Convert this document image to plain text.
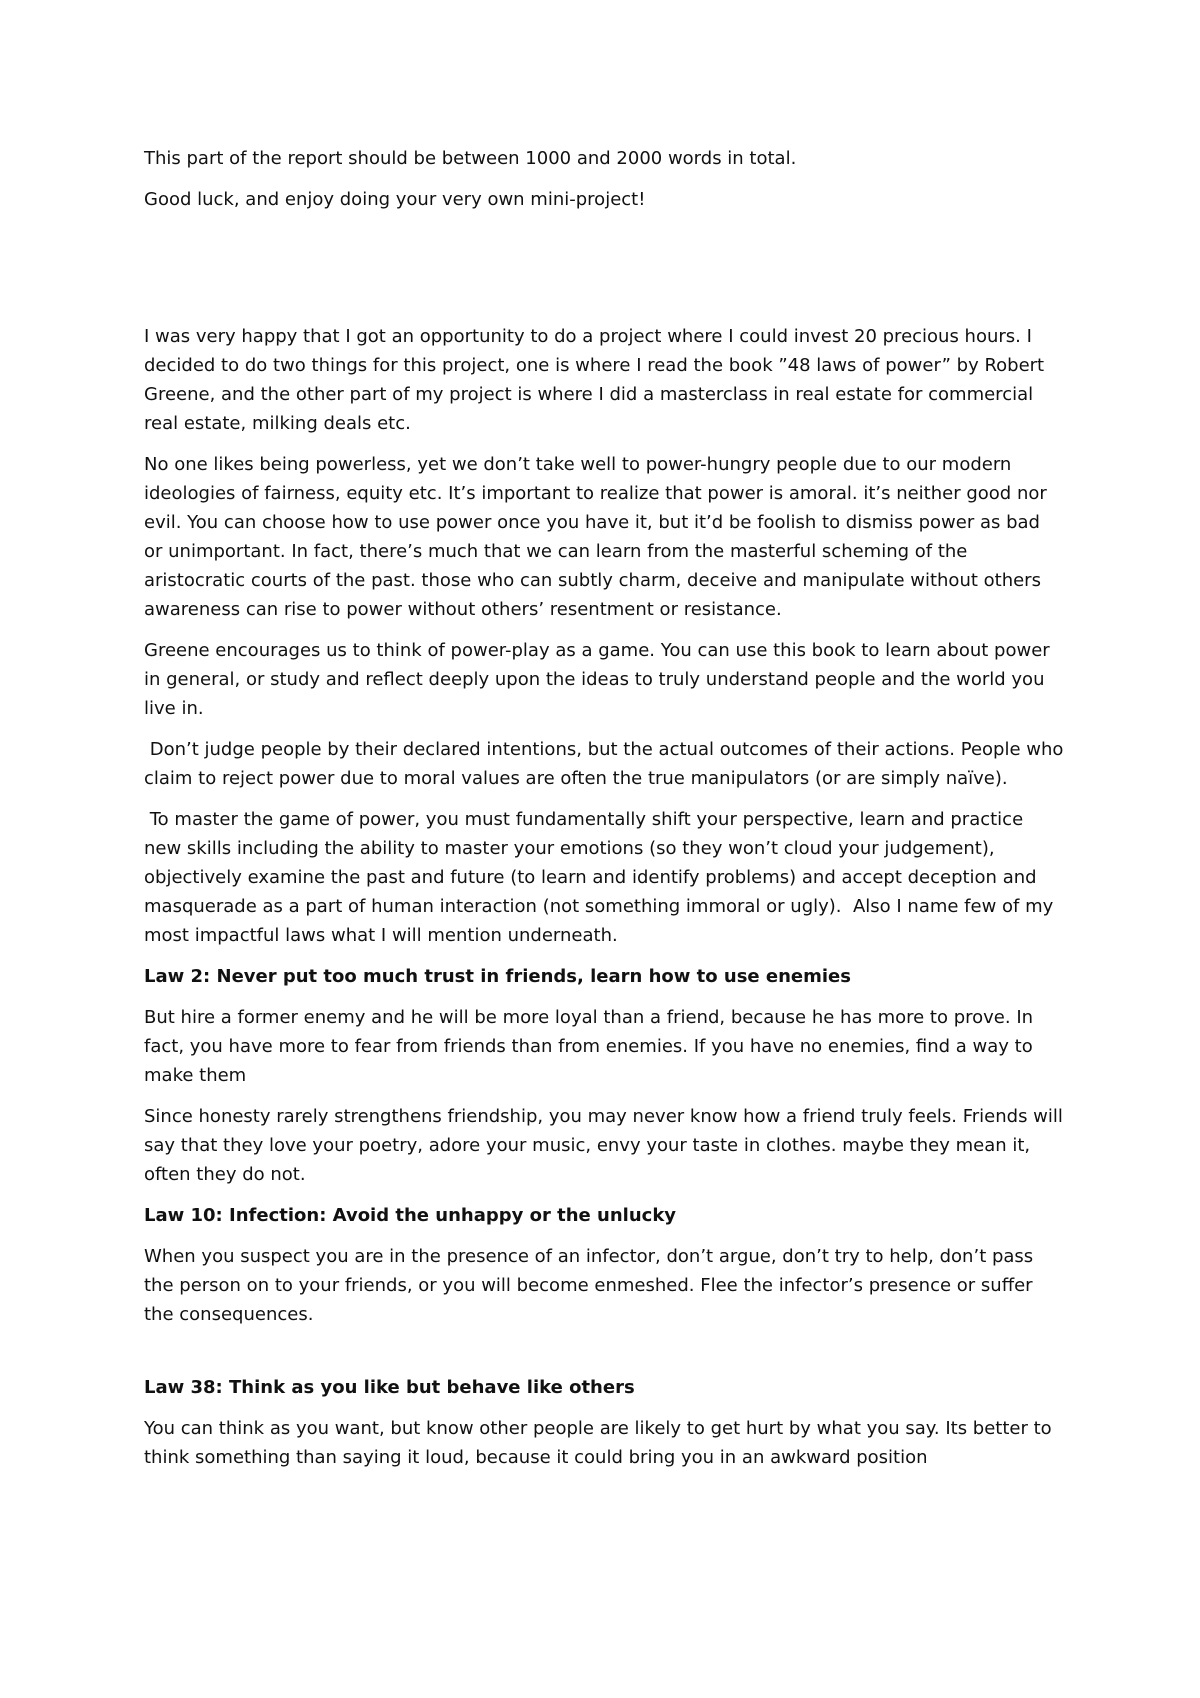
This part of the report should be between 1000 and 2000 words in total.

Good luck, and enjoy doing your very own mini-project!

I was very happy that I got an opportunity to do a project where I could invest 20 precious hours. I decided to do two things for this project, one is where I read the book ”48 laws of power” by Robert Greene, and the other part of my project is where I did a masterclass in real estate for commercial real estate, milking deals etc.

No one likes being powerless, yet we don’t take well to power-hungry people due to our modern ideologies of fairness, equity etc. It’s important to realize that power is amoral. it’s neither good nor evil. You can choose how to use power once you have it, but it’d be foolish to dismiss power as bad or unimportant. In fact, there’s much that we can learn from the masterful scheming of the aristocratic courts of the past. those who can subtly charm, deceive and manipulate without others awareness can rise to power without others’ resentment or resistance.

Greene encourages us to think of power-play as a game. You can use this book to learn about power in general, or study and reflect deeply upon the ideas to truly understand people and the world you live in.

Don’t judge people by their declared intentions, but the actual outcomes of their actions. People who claim to reject power due to moral values are often the true manipulators (or are simply naïve).

To master the game of power, you must fundamentally shift your perspective, learn and practice new skills including the ability to master your emotions (so they won’t cloud your judgement), objectively examine the past and future (to learn and identify problems) and accept deception and masquerade as a part of human interaction (not something immoral or ugly).  Also I name few of my most impactful laws what I will mention underneath.

Law 2: Never put too much trust in friends, learn how to use enemies

But hire a former enemy and he will be more loyal than a friend, because he has more to prove. In fact, you have more to fear from friends than from enemies. If you have no enemies, find a way to make them

Since honesty rarely strengthens friendship, you may never know how a friend truly feels. Friends will say that they love your poetry, adore your music, envy your taste in clothes. maybe they mean it, often they do not.

Law 10: Infection: Avoid the unhappy or the unlucky

When you suspect you are in the presence of an infector, don’t argue, don’t try to help, don’t pass the person on to your friends, or you will become enmeshed. Flee the infector’s presence or suffer the consequences.

Law 38: Think as you like but behave like others

You can think as you want, but know other people are likely to get hurt by what you say. Its better to think something than saying it loud, because it could bring you in an awkward position
